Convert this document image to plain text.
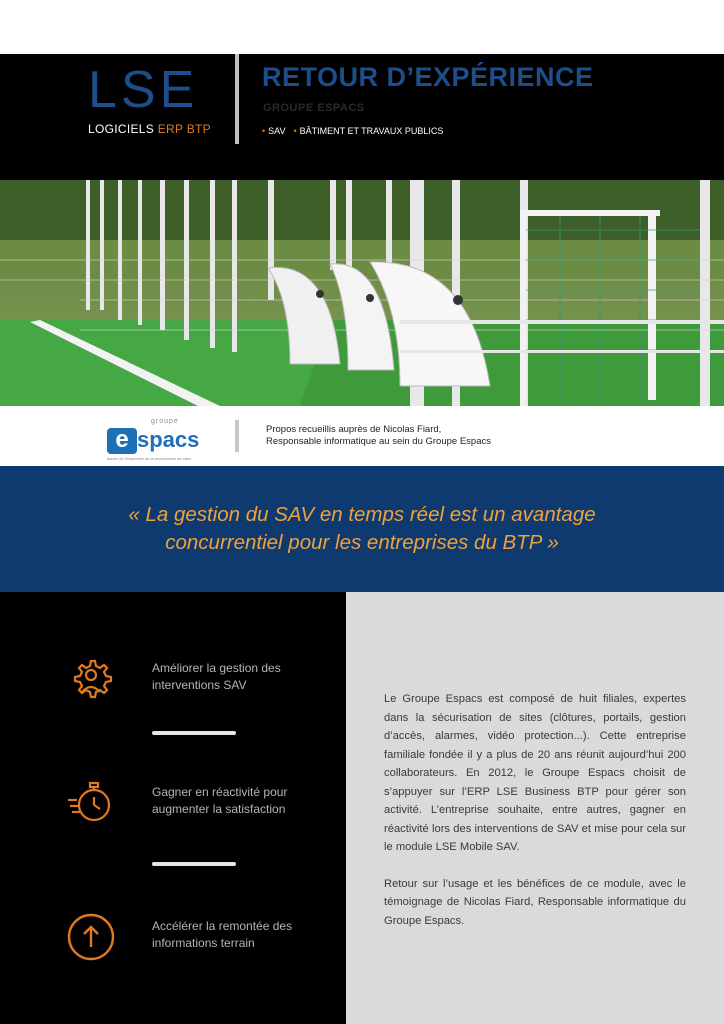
LSE
LOGICIELS ERP BTP
RETOUR D’EXPÉRIENCE
GROUPE ESPACS
• SAV • BÂTIMENT ET TRAVAUX PUBLICS
groupe
e spacs
leader de l'ensemble de la sécurisation de sites
Propos recueillis auprès de Nicolas Fiard,
Responsable informatique au sein du Groupe Espacs
« La gestion du SAV en temps réel est un avantage concurrentiel pour les entreprises du BTP »
Améliorer la gestion des interventions SAV
Gagner en réactivité pour augmenter la satisfaction
Accélérer la remontée des informations terrain

Le Groupe Espacs est composé de huit filiales, expertes dans la sécurisation de sites (clôtures, portails, gestion d’accès, alarmes, vidéo protection...). Cette entreprise familiale fondée il y a plus de 20 ans réunit aujourd’hui 200 collaborateurs. En 2012, le Groupe Espacs choisit de s’appuyer sur l’ERP LSE Business BTP pour gérer son activité. L’entreprise souhaite, entre autres, gagner en réactivité lors des interventions de SAV et mise pour cela sur le module LSE Mobile SAV.

Retour sur l’usage et les bénéfices de ce module, avec le témoignage de Nicolas Fiard, Responsable informatique du Groupe Espacs.
